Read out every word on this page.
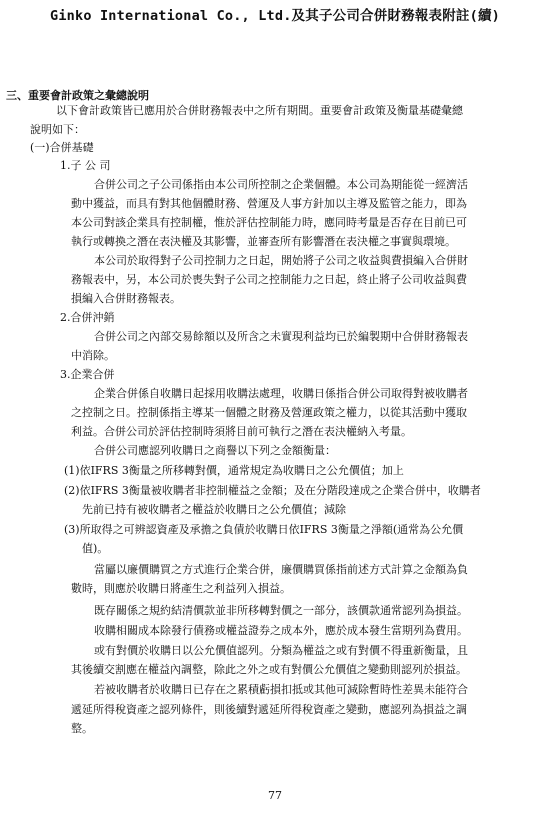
Ginko International Co., Ltd.及其子公司合併財務報表附註(續)
三、重要會計政策之彙總說明
以下會計政策皆已應用於合併財務報表中之所有期間。重要會計政策及衡量基礎彙總
說明如下：
(一)合併基礎
1.子 公 司
合併公司之子公司係指由本公司所控制之企業個體。本公司為期能從一經濟活
動中獲益，而具有對其他個體財務、營運及人事方針加以主導及監管之能力，即為
本公司對該企業具有控制權，惟於評估控制能力時，應同時考量是否存在目前已可
執行或轉換之潛在表決權及其影響，並審查所有影響潛在表決權之事實與環境。
本公司於取得對子公司控制力之日起，開始將子公司之收益與費損編入合併財
務報表中，另，本公司於喪失對子公司之控制能力之日起，終止將子公司收益與費
損編入合併財務報表。
2.合併沖銷
合併公司之內部交易餘額以及所含之未實現利益均已於編製期中合併財務報表
中消除。
3.企業合併
企業合併係自收購日起採用收購法處理，收購日係指合併公司取得對被收購者
之控制之日。控制係指主導某一個體之財務及營運政策之權力，以從其活動中獲取
利益。合併公司於評估控制時須將目前可執行之潛在表決權納入考量。
合併公司應認列收購日之商譽以下列之金額衡量：
(1)依IFRS 3衡量之所移轉對價，通常規定為收購日之公允價值；加上
(2)依IFRS 3衡量被收購者非控制權益之金額；及在分階段達成之企業合併中，收購者
先前已持有被收購者之權益於收購日之公允價值；減除
(3)所取得之可辨認資產及承擔之負債於收購日依IFRS 3衡量之淨額(通常為公允價
值)。
當屬以廉價購買之方式進行企業合併，廉價購買係指前述方式計算之金額為負
數時，則應於收購日將產生之利益列入損益。
既存關係之規約結清價款並非所移轉對價之一部分，該價款通常認列為損益。
收購相關成本除發行債務或權益證券之成本外，應於成本發生當期列為費用。
或有對價於收購日以公允價值認列。分類為權益之或有對價不得重新衡量，且
其後續交割應在權益內調整，除此之外之或有對價公允價值之變動則認列於損益。
若被收購者於收購日已存在之累積虧損扣抵或其他可減除暫時性差異未能符合
遞延所得稅資產之認列條件，則後續對遞延所得稅資產之變動，應認列為損益之調
整。
77
